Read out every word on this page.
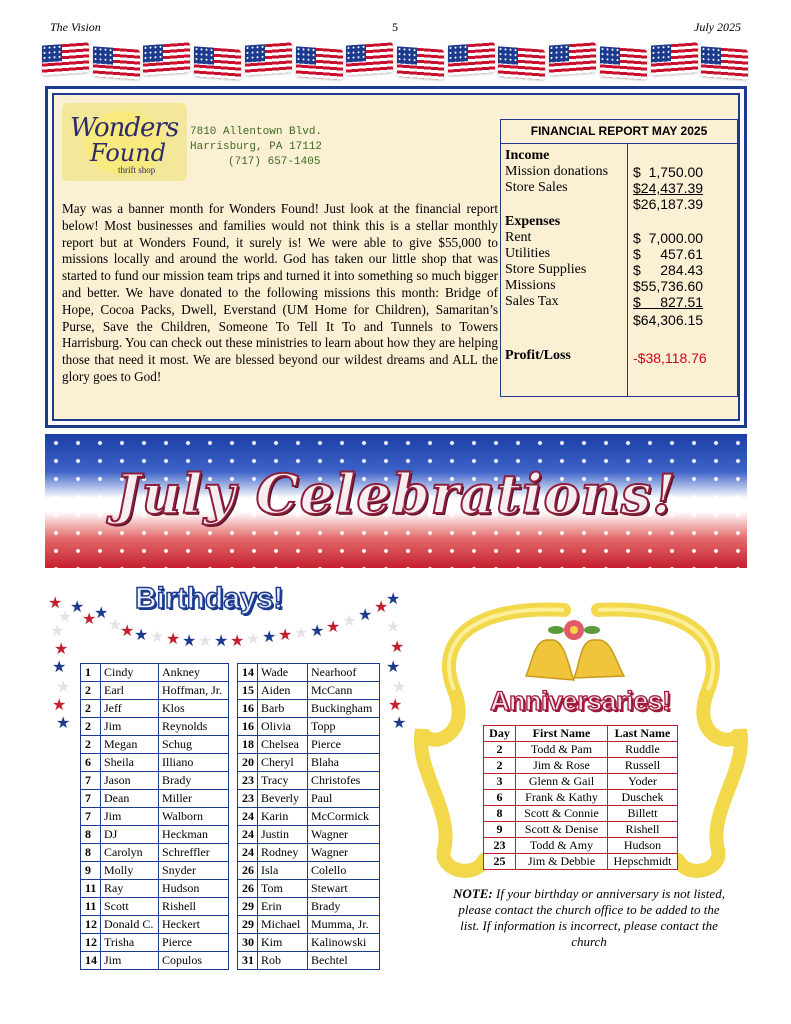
The Vision	5	July 2025
Wonders
Found
thrift shop
7810 Allentown Blvd.
Harrisburg, PA 17112
(717) 657-1405
May was a banner month for Wonders Found! Just look at the financial report below! Most businesses and families would not think this is a stellar monthly report but at Wonders Found, it surely is! We were able to give $55,000 to missions locally and around the world. God has taken our little shop that was started to fund our mission team trips and turned it into something so much bigger and better. We have donated to the following missions this month: Bridge of Hope, Cocoa Packs, Dwell, Everstand (UM Home for Children), Samaritan’s Purse, Save the Children, Someone To Tell It To and Tunnels to Towers Harrisburg. You can check out these ministries to learn about how they are helping those that need it most. We are blessed beyond our wildest dreams and ALL the glory goes to God!
FINANCIAL REPORT MAY 2025
Income
Mission donations $  1,750.00
Store Sales	$24,437.39
$26,187.39
Expenses
Rent	$  7,000.00
Utilities	$     457.61
Store Supplies	$     284.43
Missions	$55,736.60
Sales Tax	$     827.51
$64,306.15
Profit/Loss	-$38,118.76
July Celebrations!
Birthdays!
★
★
★
★
★
★
★ ★ ★ ★ ★ ★ ★ ★ ★ ★ ★ ★ ★ ★ ★ ★ ★
★
★
★
★
★
★
★
★
★
★
★
★
★
1	Cindy	Ankney
2	Earl	Hoffman, Jr.
2	Jeff	Klos
2	Jim	Reynolds
2	Megan	Schug
6	Sheila	Illiano
7	Jason	Brady
7	Dean	Miller
7	Jim	Walborn
8	DJ	Heckman
8	Carolyn	Schreffler
9	Molly	Snyder
11	Ray	Hudson
11	Scott	Rishell
12	Donald C.	Heckert
12	Trisha	Pierce
14	Jim	Copulos
14	Wade	Nearhoof
15	Aiden	McCann
16	Barb	Buckingham
16	Olivia	Topp
18	Chelsea	Pierce
20	Cheryl	Blaha
23	Tracy	Christofes
23	Beverly	Paul
24	Karin	McCormick
24	Justin	Wagner
24	Rodney	Wagner
26	Isla	Colello
26	Tom	Stewart
29	Erin	Brady
29	Michael	Mumma, Jr.
30	Kim	Kalinowski
31	Rob	Bechtel
Anniversaries!
Day	First Name	Last Name
2	Todd & Pam	Ruddle
2	Jim & Rose	Russell
3	Glenn & Gail	Yoder
6	Frank & Kathy	Duschek
8	Scott & Connie	Billett
9	Scott & Denise	Rishell
23	Todd & Amy	Hudson
25	Jim & Debbie	Hepschmidt
NOTE: If your birthday or anniversary is not listed, please contact the church office to be added to the list. If information is incorrect, please contact the church
